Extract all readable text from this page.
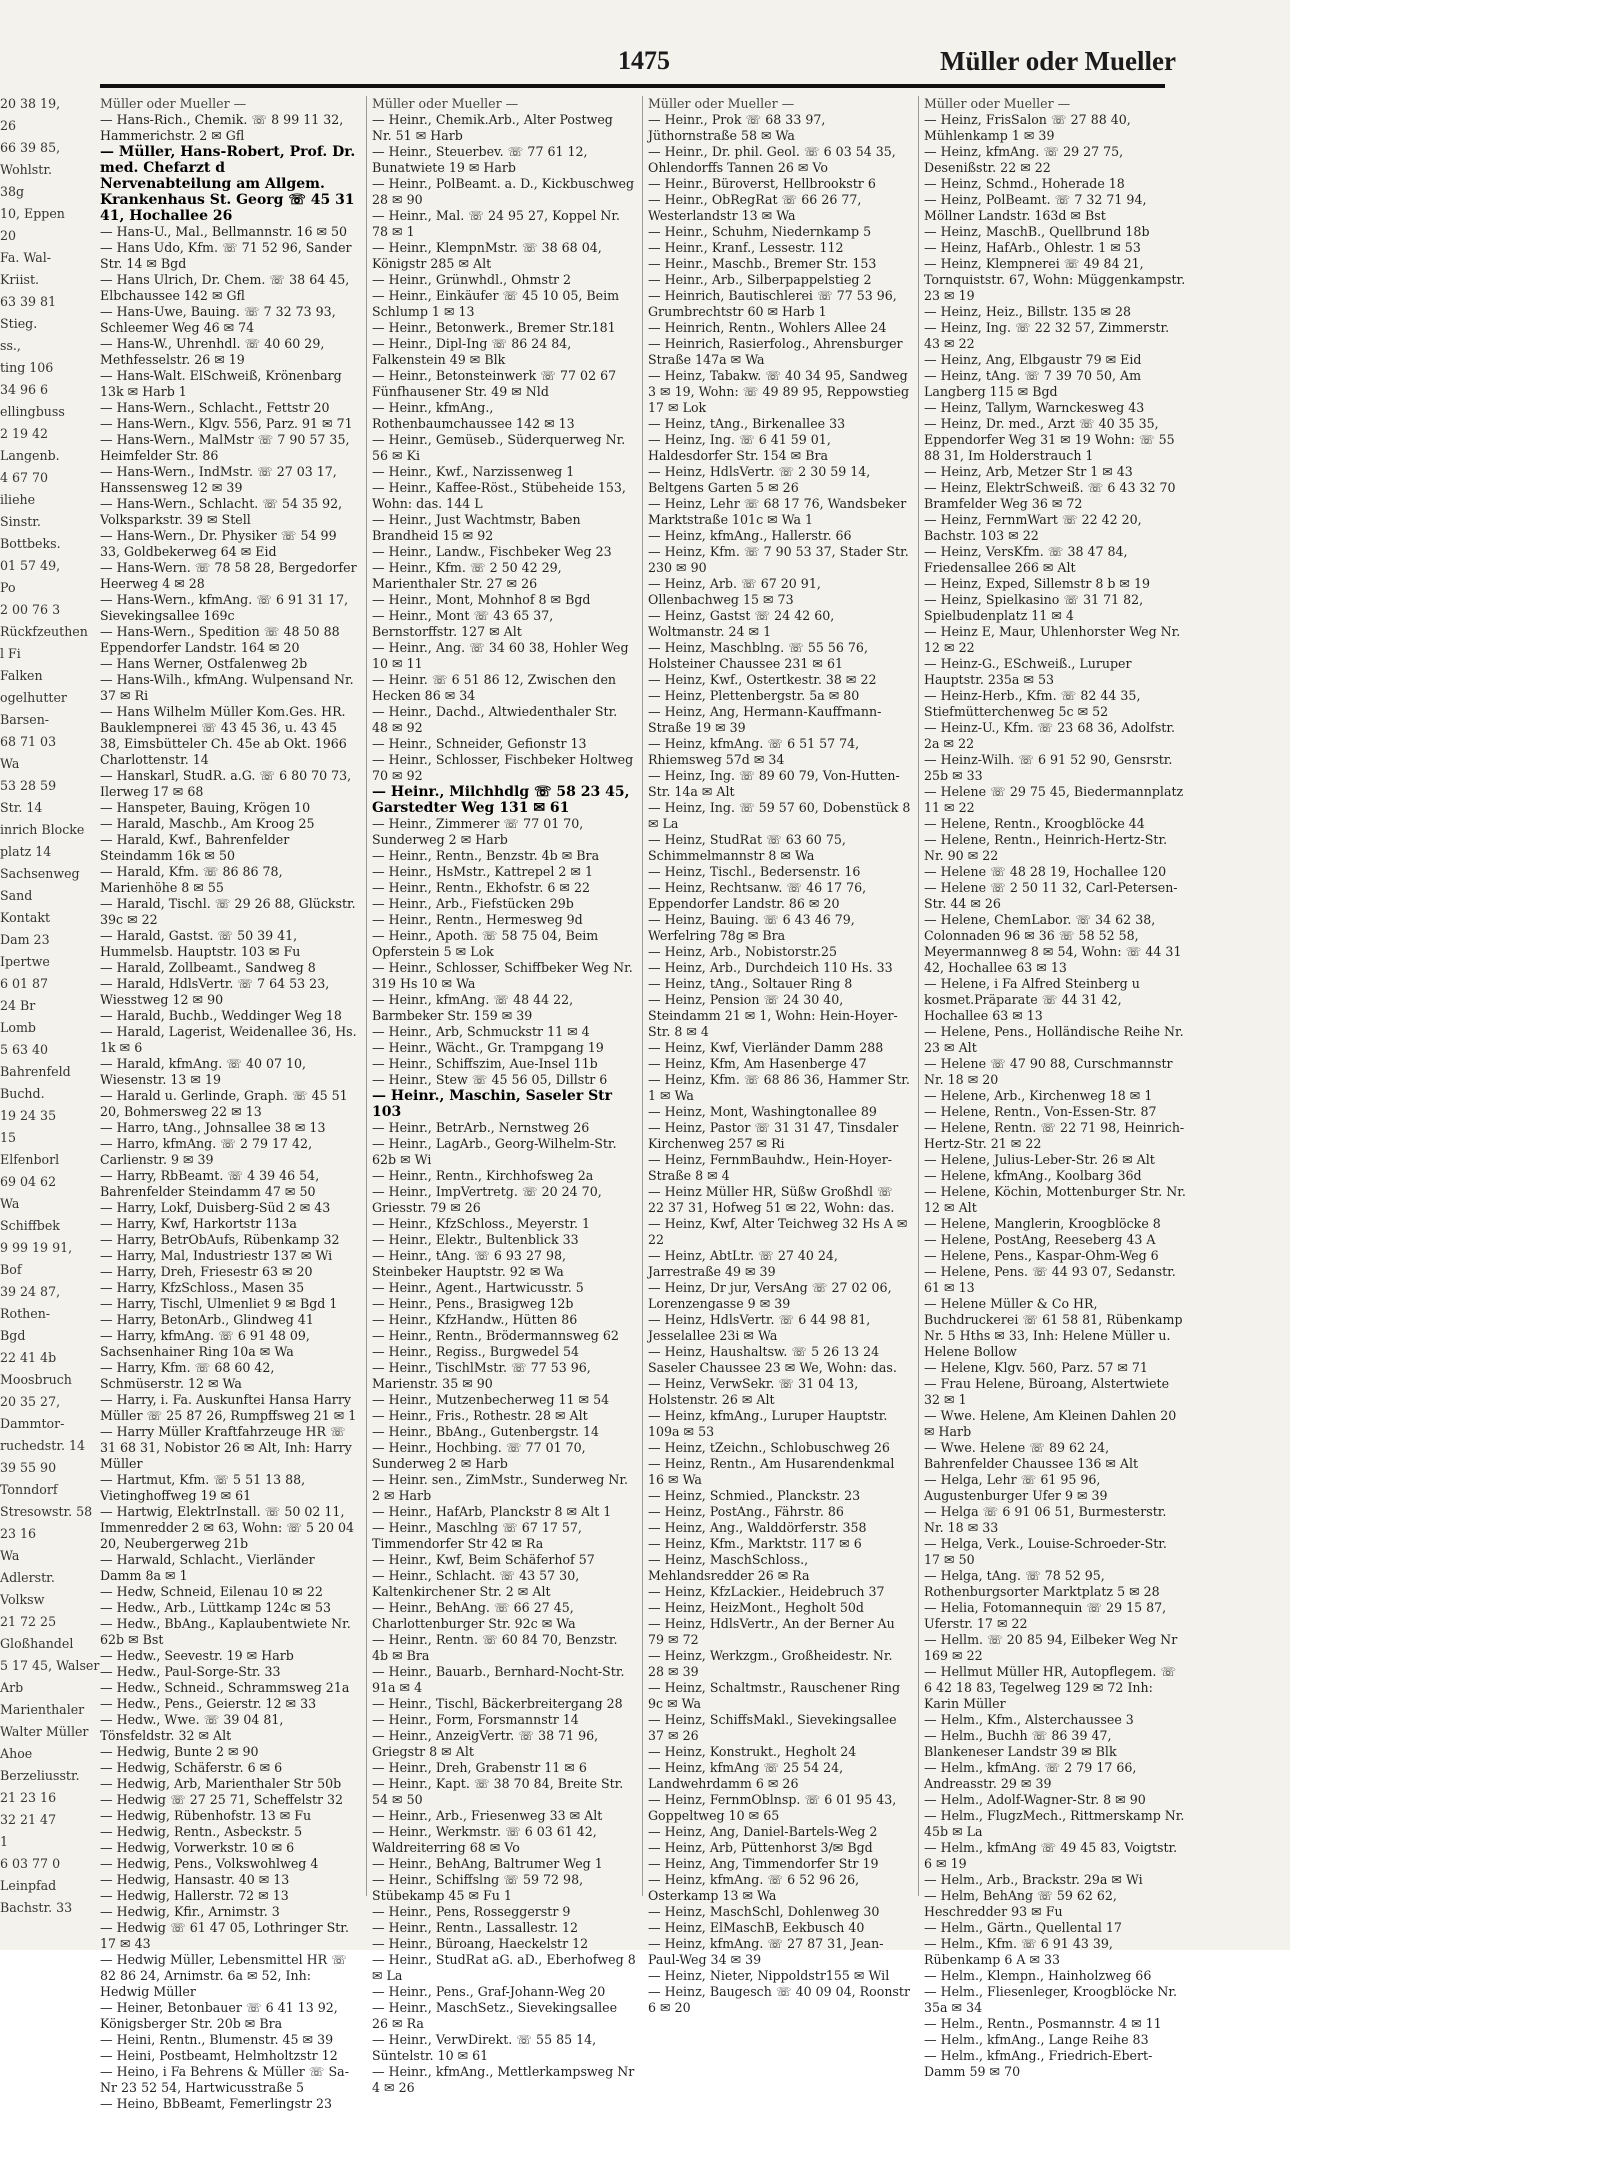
1475	Müller oder Mueller
20 38 19,
26
66 39 85,
Wohlstr.
38g
10, Eppen
20
Fa. Wal-
Kriist.
63 39 81
Stieg.
ss.,
ting 106
34 96 6
ellingbuss
2 19 42
Langenb.
4 67 70
iliehe
Sinstr.
Bottbeks.
01 57 49,
Po
2 00 76 3
Rückfzeuthen
l Fi
Falken
ogelhutter
Barsen-
68 71 03
Wa
53 28 59
Str. 14
inrich Blocke
platz 14
Sachsenweg
Sand
Kontakt
Dam 23
Ipertwe
6 01 87
24 Br
Lomb
5 63 40
Bahrenfeld
Buchd.
19 24 35
15
Elfenborl
69 04 62
Wa
Schiffbek
9 99 19 91,
Bof
39 24 87,
Rothen-
Bgd
22 41 4b
Moosbruch
20 35 27,
Dammtor-
ruchedstr. 14
39 55 90
Tonndorf
Stresowstr. 58
23 16
Wa
Adlerstr.
Volksw
21 72 25
Gloßhandel
5 17 45, Walser
Arb
Marienthaler
Walter Müller
Ahoe
Berzeliusstr.
21 23 16
32 21 47
1
6 03 77 0
Leinpfad
Bachstr. 33
Müller oder Mueller —
— Hans-Rich., Chemik. ☏ 8 99 11 32, Hammerichstr. 2 ✉ Gfl
— Müller, Hans-Robert, Prof. Dr. med. Chefarzt d Nervenabteilung am Allgem. Krankenhaus St. Georg ☏ 45 31 41, Hochallee 26
— Hans-U., Mal., Bellmannstr. 16 ✉ 50
— Hans Udo, Kfm. ☏ 71 52 96, Sander Str. 14 ✉ Bgd
— Hans Ulrich, Dr. Chem. ☏ 38 64 45, Elbchaussee 142 ✉ Gfl
— Hans-Uwe, Bauing. ☏ 7 32 73 93, Schleemer Weg 46 ✉ 74
— Hans-W., Uhrenhdl. ☏ 40 60 29, Methfesselstr. 26 ✉ 19
— Hans-Walt. ElSchweiß, Krönenbarg 13k ✉ Harb 1
— Hans-Wern., Schlacht., Fettstr 20
— Hans-Wern., Klgv. 556, Parz. 91 ✉ 71
— Hans-Wern., MalMstr ☏ 7 90 57 35, Heimfelder Str. 86
— Hans-Wern., IndMstr. ☏ 27 03 17, Hanssensweg 12 ✉ 39
— Hans-Wern., Schlacht. ☏ 54 35 92, Volksparkstr. 39 ✉ Stell
— Hans-Wern., Dr. Physiker ☏ 54 99 33, Goldbekerweg 64 ✉ Eid
— Hans-Wern. ☏ 78 58 28, Bergedorfer Heerweg 4 ✉ 28
— Hans-Wern., kfmAng. ☏ 6 91 31 17, Sievekingsallee 169c
— Hans-Wern., Spedition ☏ 48 50 88 Eppendorfer Landstr. 164 ✉ 20
— Hans Werner, Ostfalenweg 2b
— Hans-Wilh., kfmAng. Wulpensand Nr. 37 ✉ Ri
— Hans Wilhelm Müller Kom.Ges. HR. Bauklempnerei ☏ 43 45 36, u. 43 45 38, Eimsbütteler Ch. 45e ab Okt. 1966 Charlottenstr. 14
— Hanskarl, StudR. a.G. ☏ 6 80 70 73, Ilerweg 17 ✉ 68
— Hanspeter, Bauing, Krögen 10
— Harald, Maschb., Am Kroog 25
— Harald, Kwf., Bahrenfelder Steindamm 16k ✉ 50
— Harald, Kfm. ☏ 86 86 78, Marienhöhe 8 ✉ 55
— Harald, Tischl. ☏ 29 26 88, Glückstr. 39c ✉ 22
— Harald, Gastst. ☏ 50 39 41, Hummelsb. Hauptstr. 103 ✉ Fu
— Harald, Zollbeamt., Sandweg 8
— Harald, HdlsVertr. ☏ 7 64 53 23, Wiesstweg 12 ✉ 90
— Harald, Buchb., Weddinger Weg 18
— Harald, Lagerist, Weidenallee 36, Hs. 1k ✉ 6
— Harald, kfmAng. ☏ 40 07 10, Wiesenstr. 13 ✉ 19
— Harald u. Gerlinde, Graph. ☏ 45 51 20, Bohmersweg 22 ✉ 13
— Harro, tAng., Johnsallee 38 ✉ 13
— Harro, kfmAng. ☏ 2 79 17 42, Carlienstr. 9 ✉ 39
— Harry, RbBeamt. ☏ 4 39 46 54, Bahrenfelder Steindamm 47 ✉ 50
— Harry, Lokf, Duisberg-Süd 2 ✉ 43
— Harry, Kwf, Harkortstr 113a
— Harry, BetrObAufs, Rübenkamp 32
— Harry, Mal, Industriestr 137 ✉ Wi
— Harry, Dreh, Friesestr 63 ✉ 20
— Harry, KfzSchloss., Masen 35
— Harry, Tischl, Ulmenliet 9 ✉ Bgd 1
— Harry, BetonArb., Glindweg 41
— Harry, kfmAng. ☏ 6 91 48 09, Sachsenhainer Ring 10a ✉ Wa
— Harry, Kfm. ☏ 68 60 42, Schmüserstr. 12 ✉ Wa
— Harry, i. Fa. Auskunftei Hansa Harry Müller ☏ 25 87 26, Rumpffsweg 21 ✉ 1
— Harry Müller Kraftfahrzeuge HR ☏ 31 68 31, Nobistor 26 ✉ Alt, Inh: Harry Müller
— Hartmut, Kfm. ☏ 5 51 13 88, Vietinghoffweg 19 ✉ 61
— Hartwig, ElektrInstall. ☏ 50 02 11, Immenredder 2 ✉ 63, Wohn: ☏ 5 20 04 20, Neubergerweg 21b
— Harwald, Schlacht., Vierländer Damm 8a ✉ 1
— Hedw, Schneid, Eilenau 10 ✉ 22
— Hedw., Arb., Lüttkamp 124c ✉ 53
— Hedw., BbAng., Kaplaubentwiete Nr. 62b ✉ Bst
— Hedw., Seevestr. 19 ✉ Harb
— Hedw., Paul-Sorge-Str. 33
— Hedw., Schneid., Schrammsweg 21a
— Hedw., Pens., Geierstr. 12 ✉ 33
— Hedw., Wwe. ☏ 39 04 81, Tönsfeldstr. 32 ✉ Alt
— Hedwig, Bunte 2 ✉ 90
— Hedwig, Schäferstr. 6 ✉ 6
— Hedwig, Arb, Marienthaler Str 50b
— Hedwig ☏ 27 25 71, Scheffelstr 32
— Hedwig, Rübenhofstr. 13 ✉ Fu
— Hedwig, Rentn., Asbeckstr. 5
— Hedwig, Vorwerkstr. 10 ✉ 6
— Hedwig, Pens., Volkswohlweg 4
— Hedwig, Hansastr. 40 ✉ 13
— Hedwig, Hallerstr. 72 ✉ 13
— Hedwig, Kfir., Arnimstr. 3
— Hedwig ☏ 61 47 05, Lothringer Str. 17 ✉ 43
— Hedwig Müller, Lebensmittel HR ☏ 82 86 24, Arnimstr. 6a ✉ 52, Inh: Hedwig Müller
— Heiner, Betonbauer ☏ 6 41 13 92, Königsberger Str. 20b ✉ Bra
— Heini, Rentn., Blumenstr. 45 ✉ 39
— Heini, Postbeamt, Helmholtzstr 12
— Heino, i Fa Behrens & Müller ☏ Sa-Nr 23 52 54, Hartwicusstraße 5
— Heino, BbBeamt, Femerlingstr 23
Müller oder Mueller —
— Heinr., Chemik.Arb., Alter Postweg Nr. 51 ✉ Harb
— Heinr., Steuerbev. ☏ 77 61 12, Bunatwiete 19 ✉ Harb
— Heinr., PolBeamt. a. D., Kickbuschweg 28 ✉ 90
— Heinr., Mal. ☏ 24 95 27, Koppel Nr. 78 ✉ 1
— Heinr., KlempnMstr. ☏ 38 68 04, Königstr 285 ✉ Alt
— Heinr., Grünwhdl., Ohmstr 2
— Heinr., Einkäufer ☏ 45 10 05, Beim Schlump 1 ✉ 13
— Heinr., Betonwerk., Bremer Str.181
— Heinr., Dipl-Ing ☏ 86 24 84, Falkenstein 49 ✉ Blk
— Heinr., Betonsteinwerk ☏ 77 02 67 Fünfhausener Str. 49 ✉ Nld
— Heinr., kfmAng., Rothenbaumchaussee 142 ✉ 13
— Heinr., Gemüseb., Süderquerweg Nr. 56 ✉ Ki
— Heinr., Kwf., Narzissenweg 1
— Heinr., Kaffee-Röst., Stübeheide 153, Wohn: das. 144 L
— Heinr., Just Wachtmstr, Baben Brandheid 15 ✉ 92
— Heinr., Landw., Fischbeker Weg 23
— Heinr., Kfm. ☏ 2 50 42 29, Marienthaler Str. 27 ✉ 26
— Heinr., Mont, Mohnhof 8 ✉ Bgd
— Heinr., Mont ☏ 43 65 37, Bernstorffstr. 127 ✉ Alt
— Heinr., Ang. ☏ 34 60 38, Hohler Weg 10 ✉ 11
— Heinr. ☏ 6 51 86 12, Zwischen den Hecken 86 ✉ 34
— Heinr., Dachd., Altwiedenthaler Str. 48 ✉ 92
— Heinr., Schneider, Gefionstr 13
— Heinr., Schlosser, Fischbeker Holtweg 70 ✉ 92
— Heinr., Milchhdlg ☏ 58 23 45, Garstedter Weg 131 ✉ 61
— Heinr., Zimmerer ☏ 77 01 70, Sunderweg 2 ✉ Harb
— Heinr., Rentn., Benzstr. 4b ✉ Bra
— Heinr., HsMstr., Kattrepel 2 ✉ 1
— Heinr., Rentn., Ekhofstr. 6 ✉ 22
— Heinr., Arb., Fiefstücken 29b
— Heinr., Rentn., Hermesweg 9d
— Heinr., Apoth. ☏ 58 75 04, Beim Opferstein 5 ✉ Lok
— Heinr., Schlosser, Schiffbeker Weg Nr. 319 Hs 10 ✉ Wa
— Heinr., kfmAng. ☏ 48 44 22, Barmbeker Str. 159 ✉ 39
— Heinr., Arb, Schmuckstr 11 ✉ 4
— Heinr., Wächt., Gr. Trampgang 19
— Heinr., Schiffszim, Aue-Insel 11b
— Heinr., Stew ☏ 45 56 05, Dillstr 6
— Heinr., Maschin, Saseler Str 103
— Heinr., BetrArb., Nernstweg 26
— Heinr., LagArb., Georg-Wilhelm-Str. 62b ✉ Wi
— Heinr., Rentn., Kirchhofsweg 2a
— Heinr., ImpVertretg. ☏ 20 24 70, Griesstr. 79 ✉ 26
— Heinr., KfzSchloss., Meyerstr. 1
— Heinr., Elektr., Bultenblick 33
— Heinr., tAng. ☏ 6 93 27 98, Steinbeker Hauptstr. 92 ✉ Wa
— Heinr., Agent., Hartwicusstr. 5
— Heinr., Pens., Brasigweg 12b
— Heinr., KfzHandw., Hütten 86
— Heinr., Rentn., Brödermannsweg 62
— Heinr., Regiss., Burgwedel 54
— Heinr., TischlMstr. ☏ 77 53 96, Marienstr. 35 ✉ 90
— Heinr., Mutzenbecherweg 11 ✉ 54
— Heinr., Fris., Rothestr. 28 ✉ Alt
— Heinr., BbAng., Gutenbergstr. 14
— Heinr., Hochbing. ☏ 77 01 70, Sunderweg 2 ✉ Harb
— Heinr. sen., ZimMstr., Sunderweg Nr. 2 ✉ Harb
— Heinr., HafArb, Planckstr 8 ✉ Alt 1
— Heinr., Maschlng ☏ 67 17 57, Timmendorfer Str 42 ✉ Ra
— Heinr., Kwf, Beim Schäferhof 57
— Heinr., Schlacht. ☏ 43 57 30, Kaltenkirchener Str. 2 ✉ Alt
— Heinr., BehAng. ☏ 66 27 45, Charlottenburger Str. 92c ✉ Wa
— Heinr., Rentn. ☏ 60 84 70, Benzstr. 4b ✉ Bra
— Heinr., Bauarb., Bernhard-Nocht-Str. 91a ✉ 4
— Heinr., Tischl, Bäckerbreitergang 28
— Heinr., Form, Forsmannstr 14
— Heinr., AnzeigVertr. ☏ 38 71 96, Griegstr 8 ✉ Alt
— Heinr., Dreh, Grabenstr 11 ✉ 6
— Heinr., Kapt. ☏ 38 70 84, Breite Str. 54 ✉ 50
— Heinr., Arb., Friesenweg 33 ✉ Alt
— Heinr., Werkmstr. ☏ 6 03 61 42, Waldreiterring 68 ✉ Vo
— Heinr., BehAng, Baltrumer Weg 1
— Heinr., Schiffslng ☏ 59 72 98, Stübekamp 45 ✉ Fu 1
— Heinr., Pens, Rosseggerstr 9
— Heinr., Rentn., Lassallestr. 12
— Heinr., Büroang, Haeckelstr 12
— Heinr., StudRat aG. aD., Eberhofweg 8 ✉ La
— Heinr., Pens., Graf-Johann-Weg 20
— Heinr., MaschSetz., Sievekingsallee 26 ✉ Ra
— Heinr., VerwDirekt. ☏ 55 85 14, Süntelstr. 10 ✉ 61
— Heinr., kfmAng., Mettlerkampsweg Nr 4 ✉ 26
Müller oder Mueller —
— Heinr., Prok ☏ 68 33 97, Jüthornstraße 58 ✉ Wa
— Heinr., Dr. phil. Geol. ☏ 6 03 54 35, Ohlendorffs Tannen 26 ✉ Vo
— Heinr., Büroverst, Hellbrookstr 6
— Heinr., ObRegRat ☏ 66 26 77, Westerlandstr 13 ✉ Wa
— Heinr., Schuhm, Niedernkamp 5
— Heinr., Kranf., Lessestr. 112
— Heinr., Maschb., Bremer Str. 153
— Heinr., Arb., Silberpappelstieg 2
— Heinrich, Bautischlerei ☏ 77 53 96, Grumbrechtstr 60 ✉ Harb 1
— Heinrich, Rentn., Wohlers Allee 24
— Heinrich, Rasierfolog., Ahrensburger Straße 147a ✉ Wa
— Heinz, Tabakw. ☏ 40 34 95, Sandweg 3 ✉ 19, Wohn: ☏ 49 89 95, Reppowstieg 17 ✉ Lok
— Heinz, tAng., Birkenallee 33
— Heinz, Ing. ☏ 6 41 59 01, Haldesdorfer Str. 154 ✉ Bra
— Heinz, HdlsVertr. ☏ 2 30 59 14, Beltgens Garten 5 ✉ 26
— Heinz, Lehr ☏ 68 17 76, Wandsbeker Marktstraße 101c ✉ Wa 1
— Heinz, kfmAng., Hallerstr. 66
— Heinz, Kfm. ☏ 7 90 53 37, Stader Str. 230 ✉ 90
— Heinz, Arb. ☏ 67 20 91, Ollenbachweg 15 ✉ 73
— Heinz, Gastst ☏ 24 42 60, Woltmanstr. 24 ✉ 1
— Heinz, Maschblng. ☏ 55 56 76, Holsteiner Chaussee 231 ✉ 61
— Heinz, Kwf., Ostertkestr. 38 ✉ 22
— Heinz, Plettenbergstr. 5a ✉ 80
— Heinz, Ang, Hermann-Kauffmann-Straße 19 ✉ 39
— Heinz, kfmAng. ☏ 6 51 57 74, Rhiemsweg 57d ✉ 34
— Heinz, Ing. ☏ 89 60 79, Von-Hutten-Str. 14a ✉ Alt
— Heinz, Ing. ☏ 59 57 60, Dobenstück 8 ✉ La
— Heinz, StudRat ☏ 63 60 75, Schimmelmannstr 8 ✉ Wa
— Heinz, Tischl., Bedersenstr. 16
— Heinz, Rechtsanw. ☏ 46 17 76, Eppendorfer Landstr. 86 ✉ 20
— Heinz, Bauing. ☏ 6 43 46 79, Werfelring 78g ✉ Bra
— Heinz, Arb., Nobistorstr.25
— Heinz, Arb., Durchdeich 110 Hs. 33
— Heinz, tAng., Soltauer Ring 8
— Heinz, Pension ☏ 24 30 40, Steindamm 21 ✉ 1, Wohn: Hein-Hoyer-Str. 8 ✉ 4
— Heinz, Kwf, Vierländer Damm 288
— Heinz, Kfm, Am Hasenberge 47
— Heinz, Kfm. ☏ 68 86 36, Hammer Str. 1 ✉ Wa
— Heinz, Mont, Washingtonallee 89
— Heinz, Pastor ☏ 31 31 47, Tinsdaler Kirchenweg 257 ✉ Ri
— Heinz, FernmBauhdw., Hein-Hoyer-Straße 8 ✉ 4
— Heinz Müller HR, Süßw Großhdl ☏ 22 37 31, Hofweg 51 ✉ 22, Wohn: das.
— Heinz, Kwf, Alter Teichweg 32 Hs A ✉ 22
— Heinz, AbtLtr. ☏ 27 40 24, Jarrestraße 49 ✉ 39
— Heinz, Dr jur, VersAng ☏ 27 02 06, Lorenzengasse 9 ✉ 39
— Heinz, HdlsVertr. ☏ 6 44 98 81, Jesselallee 23i ✉ Wa
— Heinz, Haushaltsw. ☏ 5 26 13 24 Saseler Chaussee 23 ✉ We, Wohn: das.
— Heinz, VerwSekr. ☏ 31 04 13, Holstenstr. 26 ✉ Alt
— Heinz, kfmAng., Luruper Hauptstr. 109a ✉ 53
— Heinz, tZeichn., Schlobuschweg 26
— Heinz, Rentn., Am Husarendenkmal 16 ✉ Wa
— Heinz, Schmied., Planckstr. 23
— Heinz, PostAng., Fährstr. 86
— Heinz, Ang., Walddörferstr. 358
— Heinz, Kfm., Marktstr. 117 ✉ 6
— Heinz, MaschSchloss., Mehlandsredder 26 ✉ Ra
— Heinz, KfzLackier., Heidebruch 37
— Heinz, HeizMont., Hegholt 50d
— Heinz, HdlsVertr., An der Berner Au 79 ✉ 72
— Heinz, Werkzgm., Großheidestr. Nr. 28 ✉ 39
— Heinz, Schaltmstr., Rauschener Ring 9c ✉ Wa
— Heinz, SchiffsMakl., Sievekingsallee 37 ✉ 26
— Heinz, Konstrukt., Hegholt 24
— Heinz, kfmAng ☏ 25 54 24, Landwehrdamm 6 ✉ 26
— Heinz, FernmOblnsp. ☏ 6 01 95 43, Goppeltweg 10 ✉ 65
— Heinz, Ang, Daniel-Bartels-Weg 2
— Heinz, Arb, Püttenhorst 3/✉ Bgd
— Heinz, Ang, Timmendorfer Str 19
— Heinz, kfmAng. ☏ 6 52 96 26, Osterkamp 13 ✉ Wa
— Heinz, MaschSchl, Dohlenweg 30
— Heinz, ElMaschB, Eekbusch 40
— Heinz, kfmAng. ☏ 27 87 31, Jean-Paul-Weg 34 ✉ 39
— Heinz, Nieter, Nippoldstr155 ✉ Wil
— Heinz, Baugesch ☏ 40 09 04, Roonstr 6 ✉ 20
Müller oder Mueller —
— Heinz, FrisSalon ☏ 27 88 40, Mühlenkamp 1 ✉ 39
— Heinz, kfmAng. ☏ 29 27 75, Desenißstr. 22 ✉ 22
— Heinz, Schmd., Hoherade 18
— Heinz, PolBeamt. ☏ 7 32 71 94, Möllner Landstr. 163d ✉ Bst
— Heinz, MaschB., Quellbrund 18b
— Heinz, HafArb., Ohlestr. 1 ✉ 53
— Heinz, Klempnerei ☏ 49 84 21, Tornquiststr. 67, Wohn: Müggenkampstr. 23 ✉ 19
— Heinz, Heiz., Billstr. 135 ✉ 28
— Heinz, Ing. ☏ 22 32 57, Zimmerstr. 43 ✉ 22
— Heinz, Ang, Elbgaustr 79 ✉ Eid
— Heinz, tAng. ☏ 7 39 70 50, Am Langberg 115 ✉ Bgd
— Heinz, Tallym, Warnckesweg 43
— Heinz, Dr. med., Arzt ☏ 40 35 35, Eppendorfer Weg 31 ✉ 19 Wohn: ☏ 55 88 31, Im Holderstrauch 1
— Heinz, Arb, Metzer Str 1 ✉ 43
— Heinz, ElektrSchweiß. ☏ 6 43 32 70 Bramfelder Weg 36 ✉ 72
— Heinz, FernmWart ☏ 22 42 20, Bachstr. 103 ✉ 22
— Heinz, VersKfm. ☏ 38 47 84, Friedensallee 266 ✉ Alt
— Heinz, Exped, Sillemstr 8 b ✉ 19
— Heinz, Spielkasino ☏ 31 71 82, Spielbudenplatz 11 ✉ 4
— Heinz E, Maur, Uhlenhorster Weg Nr. 12 ✉ 22
— Heinz-G., ESchweiß., Luruper Hauptstr. 235a ✉ 53
— Heinz-Herb., Kfm. ☏ 82 44 35, Stiefmütterchenweg 5c ✉ 52
— Heinz-U., Kfm. ☏ 23 68 36, Adolfstr. 2a ✉ 22
— Heinz-Wilh. ☏ 6 91 52 90, Gensrstr. 25b ✉ 33
— Helene ☏ 29 75 45, Biedermannplatz 11 ✉ 22
— Helene, Rentn., Kroogblöcke 44
— Helene, Rentn., Heinrich-Hertz-Str. Nr. 90 ✉ 22
— Helene ☏ 48 28 19, Hochallee 120
— Helene ☏ 2 50 11 32, Carl-Petersen-Str. 44 ✉ 26
— Helene, ChemLabor. ☏ 34 62 38, Colonnaden 96 ✉ 36 ☏ 58 52 58, Meyermannweg 8 ✉ 54, Wohn: ☏ 44 31 42, Hochallee 63 ✉ 13
— Helene, i Fa Alfred Steinberg u kosmet.Präparate ☏ 44 31 42, Hochallee 63 ✉ 13
— Helene, Pens., Holländische Reihe Nr. 23 ✉ Alt
— Helene ☏ 47 90 88, Curschmannstr Nr. 18 ✉ 20
— Helene, Arb., Kirchenweg 18 ✉ 1
— Helene, Rentn., Von-Essen-Str. 87
— Helene, Rentn. ☏ 22 71 98, Heinrich-Hertz-Str. 21 ✉ 22
— Helene, Julius-Leber-Str. 26 ✉ Alt
— Helene, kfmAng., Koolbarg 36d
— Helene, Köchin, Mottenburger Str. Nr. 12 ✉ Alt
— Helene, Manglerin, Kroogblöcke 8
— Helene, PostAng, Reeseberg 43 A
— Helene, Pens., Kaspar-Ohm-Weg 6
— Helene, Pens. ☏ 44 93 07, Sedanstr. 61 ✉ 13
— Helene Müller & Co HR, Buchdruckerei ☏ 61 58 81, Rübenkamp Nr. 5 Hths ✉ 33, Inh: Helene Müller u. Helene Bollow
— Helene, Klgv. 560, Parz. 57 ✉ 71
— Frau Helene, Büroang, Alstertwiete 32 ✉ 1
— Wwe. Helene, Am Kleinen Dahlen 20 ✉ Harb
— Wwe. Helene ☏ 89 62 24, Bahrenfelder Chaussee 136 ✉ Alt
— Helga, Lehr ☏ 61 95 96, Augustenburger Ufer 9 ✉ 39
— Helga ☏ 6 91 06 51, Burmesterstr. Nr. 18 ✉ 33
— Helga, Verk., Louise-Schroeder-Str. 17 ✉ 50
— Helga, tAng. ☏ 78 52 95, Rothenburgsorter Marktplatz 5 ✉ 28
— Helia, Fotomannequin ☏ 29 15 87, Uferstr. 17 ✉ 22
— Hellm. ☏ 20 85 94, Eilbeker Weg Nr 169 ✉ 22
— Hellmut Müller HR, Autopflegem. ☏ 6 42 18 83, Tegelweg 129 ✉ 72 Inh: Karin Müller
— Helm., Kfm., Alsterchaussee 3
— Helm., Buchh ☏ 86 39 47, Blankeneser Landstr 39 ✉ Blk
— Helm., kfmAng. ☏ 2 79 17 66, Andreasstr. 29 ✉ 39
— Helm., Adolf-Wagner-Str. 8 ✉ 90
— Helm., FlugzMech., Rittmerskamp Nr. 45b ✉ La
— Helm., kfmAng ☏ 49 45 83, Voigtstr. 6 ✉ 19
— Helm., Arb., Brackstr. 29a ✉ Wi
— Helm, BehAng ☏ 59 62 62, Heschredder 93 ✉ Fu
— Helm., Gärtn., Quellental 17
— Helm., Kfm. ☏ 6 91 43 39, Rübenkamp 6 A ✉ 33
— Helm., Klempn., Hainholzweg 66
— Helm., Fliesenleger, Kroogblöcke Nr. 35a ✉ 34
— Helm., Rentn., Posmannstr. 4 ✉ 11
— Helm., kfmAng., Lange Reihe 83
— Helm., kfmAng., Friedrich-Ebert-Damm 59 ✉ 70
